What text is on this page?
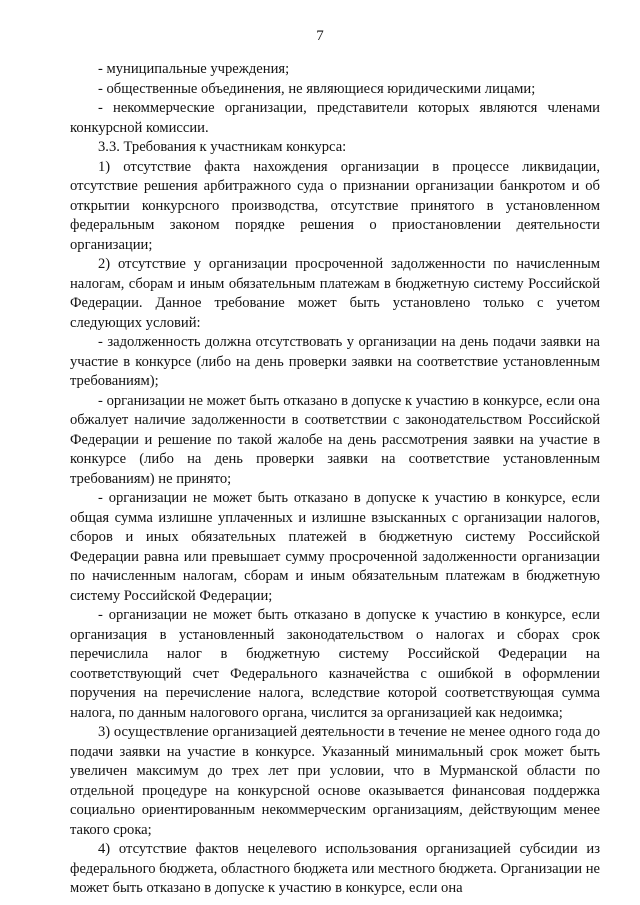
7

- муниципальные учреждения;

- общественные объединения, не являющиеся юридическими лицами;

- некоммерческие организации, представители которых являются членами конкурсной комиссии.

3.3. Требования к участникам конкурса:

1) отсутствие факта нахождения организации в процессе ликвидации, отсутствие решения арбитражного суда о признании организации банкротом и об открытии конкурсного производства, отсутствие принятого в установленном федеральным законом порядке решения о приостановлении деятельности организации;

2) отсутствие у организации просроченной задолженности по начисленным налогам, сборам и иным обязательным платежам в бюджетную систему Российской Федерации. Данное требование может быть установлено только с учетом следующих условий:

- задолженность должна отсутствовать у организации на день подачи заявки на участие в конкурсе (либо на день проверки заявки на соответствие установленным требованиям);

- организации не может быть отказано в допуске к участию в конкурсе, если она обжалует наличие задолженности в соответствии с законодательством Российской Федерации и решение по такой жалобе на день рассмотрения заявки на участие в конкурсе (либо на день проверки заявки на соответствие установленным требованиям) не принято;

- организации не может быть отказано в допуске к участию в конкурсе, если общая сумма излишне уплаченных и излишне взысканных с организации налогов, сборов и иных обязательных платежей в бюджетную систему Российской Федерации равна или превышает сумму просроченной задолженности организации по начисленным налогам, сборам и иным обязательным платежам в бюджетную систему Российской Федерации;

- организации не может быть отказано в допуске к участию в конкурсе, если организация в установленный законодательством о налогах и сборах срок перечислила налог в бюджетную систему Российской Федерации на соответствующий счет Федерального казначейства с ошибкой в оформлении поручения на перечисление налога, вследствие которой соответствующая сумма налога, по данным налогового органа, числится за организацией как недоимка;

3) осуществление организацией деятельности в течение не менее одного года до подачи заявки на участие в конкурсе. Указанный минимальный срок может быть увеличен максимум до трех лет при условии, что в Мурманской области по отдельной процедуре на конкурсной основе оказывается финансовая поддержка социально ориентированным некоммерческим организациям, действующим менее такого срока;

4) отсутствие фактов нецелевого использования организацией субсидии из федерального бюджета, областного бюджета или местного бюджета. Организации не может быть отказано в допуске к участию в конкурсе, если она
